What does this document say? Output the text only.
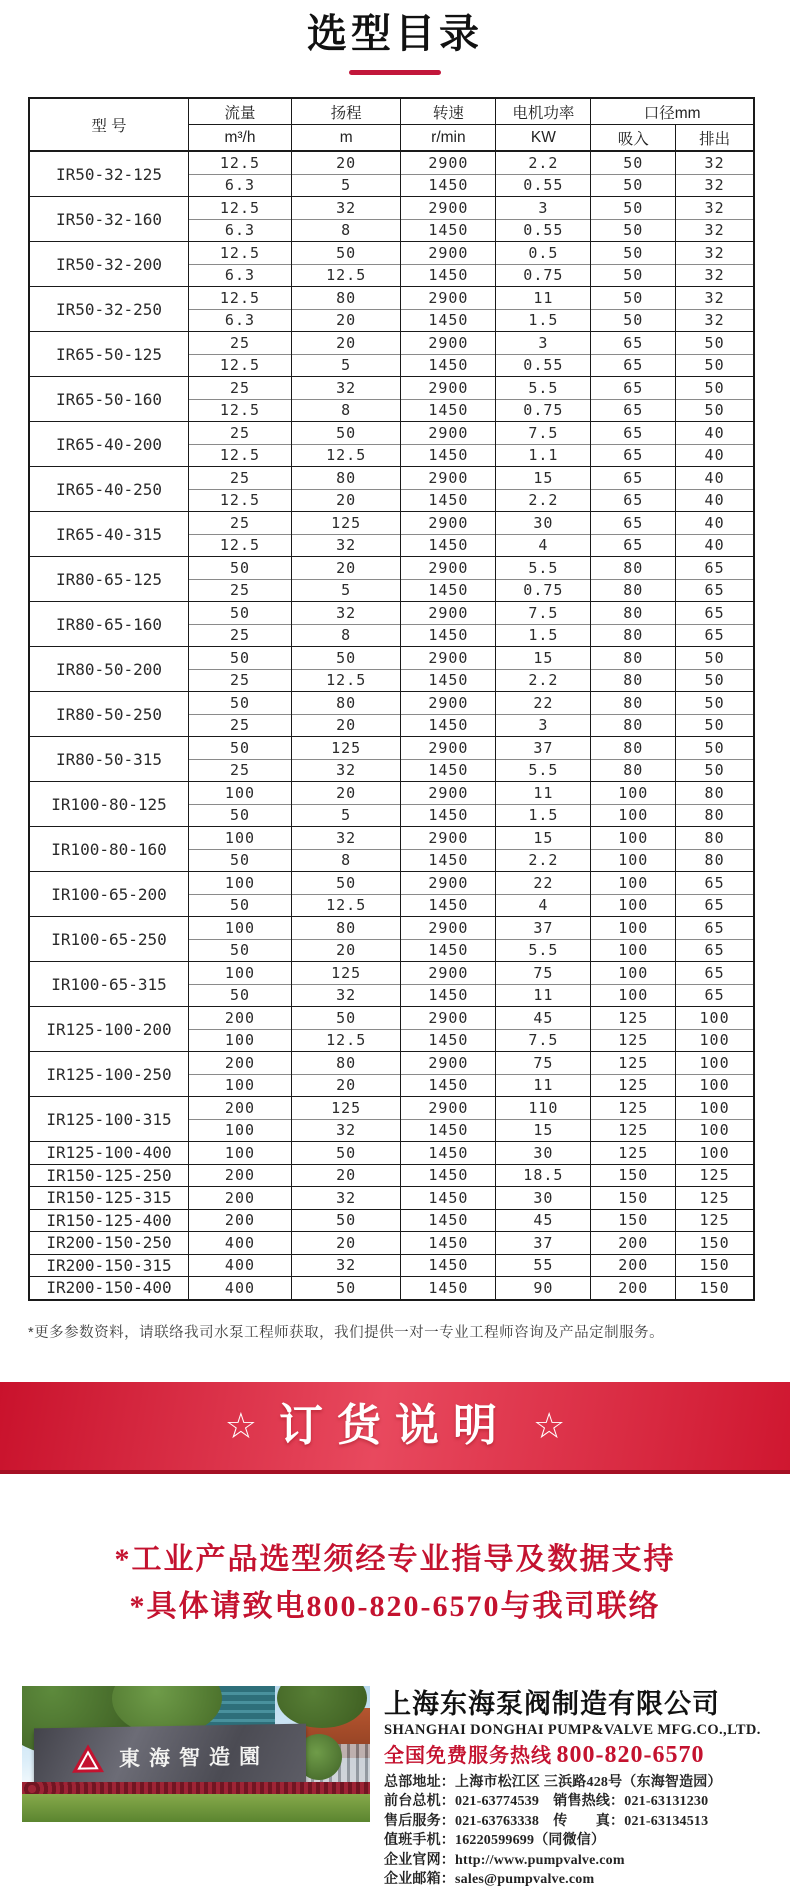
选型目录
型 号	流量	扬程	转速	电机功率	口径mm	
	m³/h	m	r/min	KW	吸入	排出
IR50-32-125	12.5	20	2900	2.2	50	32
	6.3	5	1450	0.55	50	32
IR50-32-160	12.5	32	2900	3	50	32
	6.3	8	1450	0.55	50	32
IR50-32-200	12.5	50	2900	0.5	50	32
	6.3	12.5	1450	0.75	50	32
IR50-32-250	12.5	80	2900	11	50	32
	6.3	20	1450	1.5	50	32
IR65-50-125	25	20	2900	3	65	50
	12.5	5	1450	0.55	65	50
IR65-50-160	25	32	2900	5.5	65	50
	12.5	8	1450	0.75	65	50
IR65-40-200	25	50	2900	7.5	65	40
	12.5	12.5	1450	1.1	65	40
IR65-40-250	25	80	2900	15	65	40
	12.5	20	1450	2.2	65	40
IR65-40-315	25	125	2900	30	65	40
	12.5	32	1450	4	65	40
IR80-65-125	50	20	2900	5.5	80	65
	25	5	1450	0.75	80	65
IR80-65-160	50	32	2900	7.5	80	65
	25	8	1450	1.5	80	65
IR80-50-200	50	50	2900	15	80	50
	25	12.5	1450	2.2	80	50
IR80-50-250	50	80	2900	22	80	50
	25	20	1450	3	80	50
IR80-50-315	50	125	2900	37	80	50
	25	32	1450	5.5	80	50
IR100-80-125	100	20	2900	11	100	80
	50	5	1450	1.5	100	80
IR100-80-160	100	32	2900	15	100	80
	50	8	1450	2.2	100	80
IR100-65-200	100	50	2900	22	100	65
	50	12.5	1450	4	100	65
IR100-65-250	100	80	2900	37	100	65
	50	20	1450	5.5	100	65
IR100-65-315	100	125	2900	75	100	65
	50	32	1450	11	100	65
IR125-100-200	200	50	2900	45	125	100
	100	12.5	1450	7.5	125	100
IR125-100-250	200	80	2900	75	125	100
	100	20	1450	11	125	100
IR125-100-315	200	125	2900	110	125	100
	100	32	1450	15	125	100
IR125-100-400	100	50	1450	30	125	100
IR150-125-250	200	20	1450	18.5	150	125
IR150-125-315	200	32	1450	30	150	125
IR150-125-400	200	50	1450	45	150	125
IR200-150-250	400	20	1450	37	200	150
IR200-150-315	400	32	1450	55	200	150
IR200-150-400	400	50	1450	90	200	150
*更多参数资料，请联络我司水泵工程师获取，我们提供一对一专业工程师咨询及产品定制服务。
☆ 订货说明 ☆
*工业产品选型须经专业指导及数据支持
*具体请致电800-820-6570与我司联络
東海智造園
上海东海泵阀制造有限公司
SHANGHAI DONGHAI PUMP&VALVE MFG.CO.,LTD.
全国免费服务热线 800-820-6570
总部地址：上海市松江区 三浜路428号（东海智造园）
前台总机：021-63774539　销售热线：021-63131230
售后服务：021-63763338　传　　真：021-63134513
值班手机：16220599699（同微信）
企业官网：http://www.pumpvalve.com
企业邮箱：sales@pumpvalve.com
